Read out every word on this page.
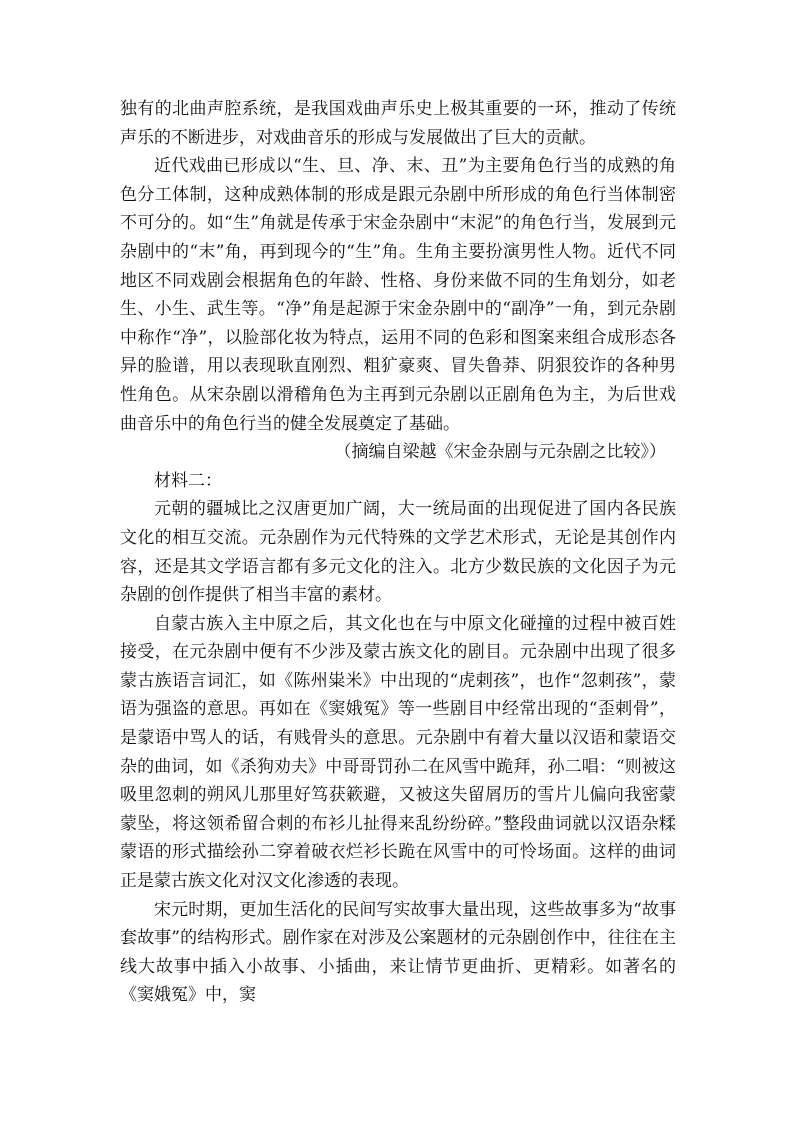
独有的北曲声腔系统，是我国戏曲声乐史上极其重要的一环，推动了传统声乐的不断进步，对戏曲音乐的形成与发展做出了巨大的贡献。

近代戏曲已形成以“生、旦、净、末、丑”为主要角色行当的成熟的角色分工体制，这种成熟体制的形成是跟元杂剧中所形成的角色行当体制密不可分的。如“生”角就是传承于宋金杂剧中“末泥”的角色行当，发展到元杂剧中的“末”角，再到现今的“生”角。生角主要扮演男性人物。近代不同地区不同戏剧会根据角色的年龄、性格、身份来做不同的生角划分，如老生、小生、武生等。“净”角是起源于宋金杂剧中的“副净”一角，到元杂剧中称作“净”，以脸部化妆为特点，运用不同的色彩和图案来组合成形态各异的脸谱，用以表现耿直刚烈、粗犷豪爽、冒失鲁莽、阴狠狡诈的各种男性角色。从宋杂剧以滑稽角色为主再到元杂剧以正剧角色为主，为后世戏曲音乐中的角色行当的健全发展奠定了基础。

（摘编自梁越《宋金杂剧与元杂剧之比较》）

材料二：

元朝的疆城比之汉唐更加广阔，大一统局面的出现促进了国内各民族文化的相互交流。元杂剧作为元代特殊的文学艺术形式，无论是其创作内容，还是其文学语言都有多元文化的注入。北方少数民族的文化因子为元杂剧的创作提供了相当丰富的素材。

自蒙古族入主中原之后，其文化也在与中原文化碰撞的过程中被百姓接受，在元杂剧中便有不少涉及蒙古族文化的剧目。元杂剧中出现了很多蒙古族语言词汇，如《陈州粜米》中出现的“虎剌孩”，也作“忽刺孩”，蒙语为强盗的意思。再如在《窦娥冤》等一些剧目中经常出现的“歪剌骨”，是蒙语中骂人的话，有贱骨头的意思。元杂剧中有着大量以汉语和蒙语交杂的曲词，如《杀狗劝夫》中哥哥罚孙二在风雪中跪拜，孙二唱：“则被这吸里忽刺的朔风儿那里好笃获簌避，又被这失留屑历的雪片儿偏向我密蒙蒙坠，将这领希留合刺的布衫儿扯得来乱纷纷碎。”整段曲词就以汉语杂糅蒙语的形式描绘孙二穿着破衣烂衫长跪在风雪中的可怜场面。这样的曲词正是蒙古族文化对汉文化渗透的表现。

宋元时期，更加生活化的民间写实故事大量出现，这些故事多为“故事套故事”的结构形式。剧作家在对涉及公案题材的元杂剧创作中，往往在主线大故事中插入小故事、小插曲，来让情节更曲折、更精彩。如著名的《窦娥冤》中，窦
